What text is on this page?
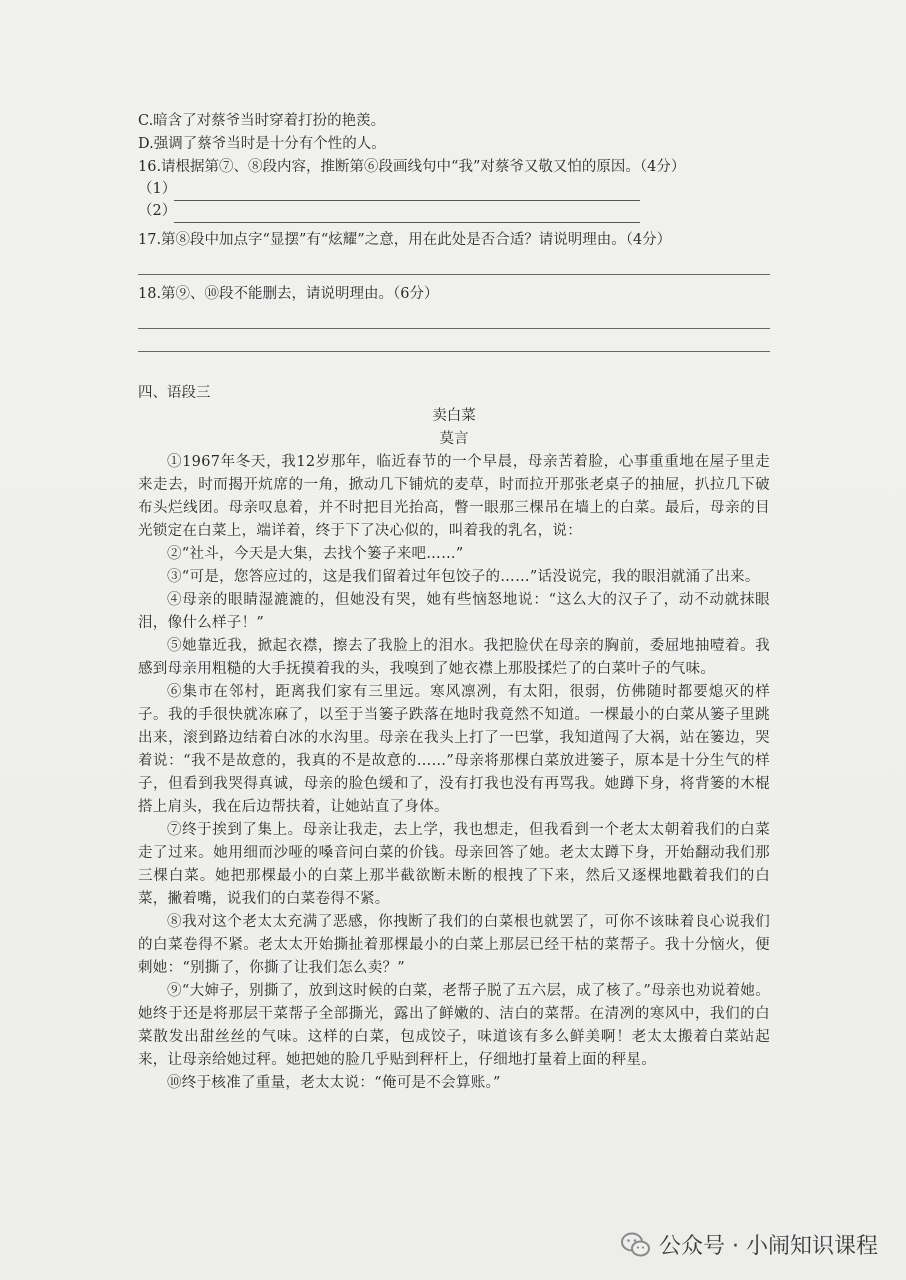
C.暗含了对蔡爷当时穿着打扮的艳羡。
D.强调了蔡爷当时是十分有个性的人。
16.请根据第⑦、⑧段内容，推断第⑥段画线句中“我”对蔡爷又敬又怕的原因。（4分）
（1）
（2）
17.第⑧段中加点字“显摆”有“炫耀”之意，用在此处是否合适？请说明理由。（4分）
18.第⑨、⑩段不能删去，请说明理由。（6分）
四、语段三
卖白菜
莫言
①1967年冬天，我12岁那年，临近春节的一个早晨，母亲苦着脸，心事重重地在屋子里走来走去，时而揭开炕席的一角，掀动几下铺炕的麦草，时而拉开那张老桌子的抽屉，扒拉几下破布头烂线团。母亲叹息着，并不时把目光抬高，瞥一眼那三棵吊在墙上的白菜。最后，母亲的目光锁定在白菜上，端详着，终于下了决心似的，叫着我的乳名，说：
②“社斗，今天是大集，去找个篓子来吧……”
③“可是，您答应过的，这是我们留着过年包饺子的……”话没说完，我的眼泪就涌了出来。
④母亲的眼睛湿漉漉的，但她没有哭，她有些恼怒地说：“这么大的汉子了，动不动就抹眼泪，像什么样子！”
⑤她靠近我，掀起衣襟，擦去了我脸上的泪水。我把脸伏在母亲的胸前，委屈地抽噎着。我感到母亲用粗糙的大手抚摸着我的头，我嗅到了她衣襟上那股揉烂了的白菜叶子的气味。
⑥集市在邻村，距离我们家有三里远。寒风凛冽，有太阳，很弱，仿佛随时都要熄灭的样子。我的手很快就冻麻了，以至于当篓子跌落在地时我竟然不知道。一棵最小的白菜从篓子里跳出来，滚到路边结着白冰的水沟里。母亲在我头上打了一巴掌，我知道闯了大祸，站在篓边，哭着说：“我不是故意的，我真的不是故意的……”母亲将那棵白菜放进篓子，原本是十分生气的样子，但看到我哭得真诚，母亲的脸色缓和了，没有打我也没有再骂我。她蹲下身，将背篓的木棍搭上肩头，我在后边帮扶着，让她站直了身体。
⑦终于挨到了集上。母亲让我走，去上学，我也想走，但我看到一个老太太朝着我们的白菜走了过来。她用细而沙哑的嗓音问白菜的价钱。母亲回答了她。老太太蹲下身，开始翻动我们那三棵白菜。她把那棵最小的白菜上那半截欲断未断的根拽了下来，然后又逐棵地戳着我们的白菜，撇着嘴，说我们的白菜卷得不紧。
⑧我对这个老太太充满了恶感，你拽断了我们的白菜根也就罢了，可你不该昧着良心说我们的白菜卷得不紧。老太太开始撕扯着那棵最小的白菜上那层已经干枯的菜帮子。我十分恼火，便刺她：“别撕了，你撕了让我们怎么卖？”
⑨“大婶子，别撕了，放到这时候的白菜，老帮子脱了五六层，成了核了。”母亲也劝说着她。她终于还是将那层干菜帮子全部撕光，露出了鲜嫩的、洁白的菜帮。在清冽的寒风中，我们的白菜散发出甜丝丝的气味。这样的白菜，包成饺子，味道该有多么鲜美啊！老太太搬着白菜站起来，让母亲给她过秤。她把她的脸几乎贴到秤杆上，仔细地打量着上面的秤星。
⑩终于核准了重量，老太太说：“俺可是不会算账。”
公众号 · 小闹知识课程
